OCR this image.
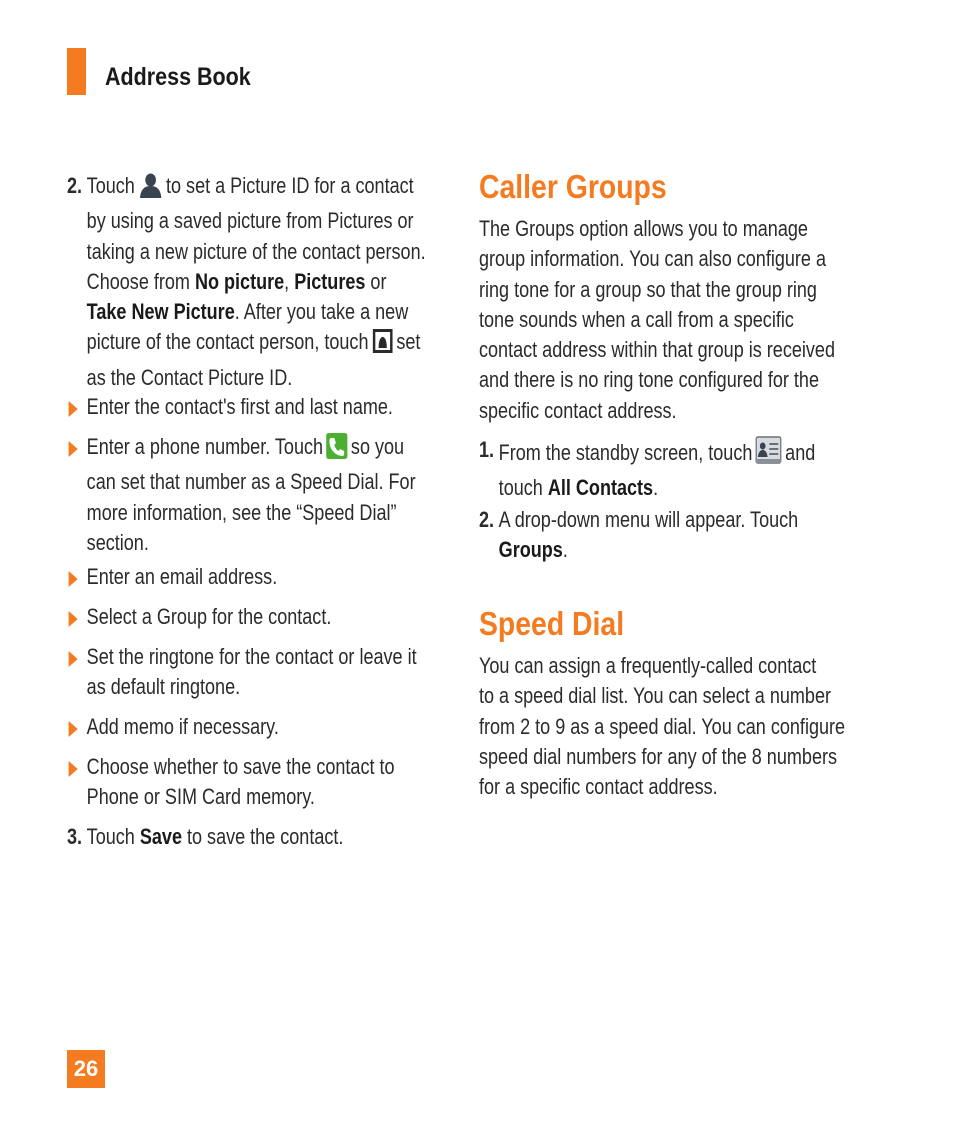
Address Book
2. Touch to set a Picture ID for a contact
by using a saved picture from Pictures or
taking a new picture of the contact person.
Choose from No picture, Pictures or
Take New Picture. After you take a new
picture of the contact person, touch set
as the Contact Picture ID.
Enter the contact's first and last name.
Enter a phone number. Touch so you
can set that number as a Speed Dial. For
more information, see the “Speed Dial”
section.
Enter an email address.
Select a Group for the contact.
Set the ringtone for the contact or leave it
as default ringtone.
Add memo if necessary.
Choose whether to save the contact to
Phone or SIM Card memory.
3. Touch Save to save the contact.
Caller Groups
The Groups option allows you to manage
group information. You can also configure a
ring tone for a group so that the group ring
tone sounds when a call from a specific
contact address within that group is received
and there is no ring tone configured for the
specific contact address.
1. From the standby screen, touch and
touch All Contacts.
2. A drop-down menu will appear. Touch
Groups.
Speed Dial
You can assign a frequently-called contact
to a speed dial list. You can select a number
from 2 to 9 as a speed dial. You can configure
speed dial numbers for any of the 8 numbers
for a specific contact address.
26
